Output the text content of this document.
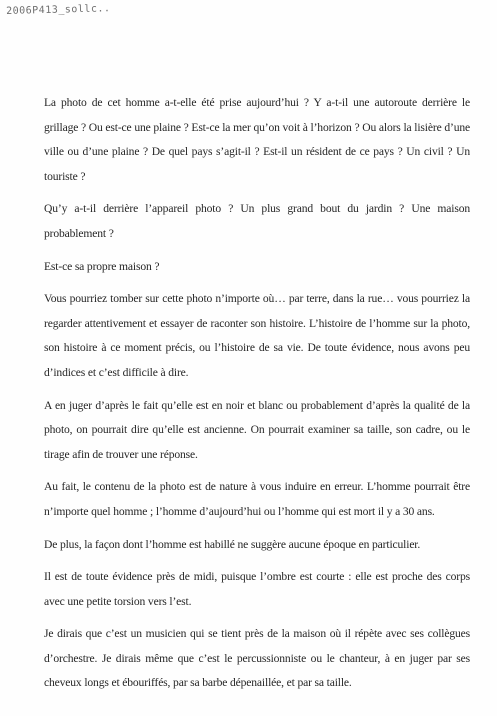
2006P413_sollc..

La photo de cet homme a-t-elle été prise aujourd’hui ? Y a-t-il une autoroute derrière le grillage ? Ou est-ce une plaine ? Est-ce la mer qu’on voit à l’horizon ? Ou alors la lisière d’une ville ou d’une plaine ? De quel pays s’agit-il ? Est-il un résident de ce pays ? Un civil ? Un touriste ?

Qu’y a-t-il derrière l’appareil photo ? Un plus grand bout du jardin ? Une maison probablement ?

Est-ce sa propre maison ?

Vous pourriez tomber sur cette photo n’importe où… par terre, dans la rue… vous pourriez la regarder attentivement et essayer de raconter son histoire. L’histoire de l’homme sur la photo, son histoire à ce moment précis, ou l’histoire de sa vie. De toute évidence, nous avons peu d’indices et c’est difficile à dire.

A en juger d’après le fait qu’elle est en noir et blanc ou probablement d’après la qualité de la photo, on pourrait dire qu’elle est ancienne. On pourrait examiner sa taille, son cadre, ou le tirage afin de trouver une réponse.

Au fait, le contenu de la photo est de nature à vous induire en erreur. L’homme pourrait être n’importe quel homme ; l’homme d’aujourd’hui ou l’homme qui est mort il y a 30 ans.

De plus, la façon dont l’homme est habillé ne suggère aucune époque en particulier.

Il est de toute évidence près de midi, puisque l’ombre est courte : elle est proche des corps avec une petite torsion vers l’est.

Je dirais que c’est un musicien qui se tient près de la maison où il répète avec ses collègues d’orchestre. Je dirais même que c’est le percussionniste ou le chanteur, à en juger par ses cheveux longs et ébouriffés, par sa barbe dépenaillée, et par sa taille.
